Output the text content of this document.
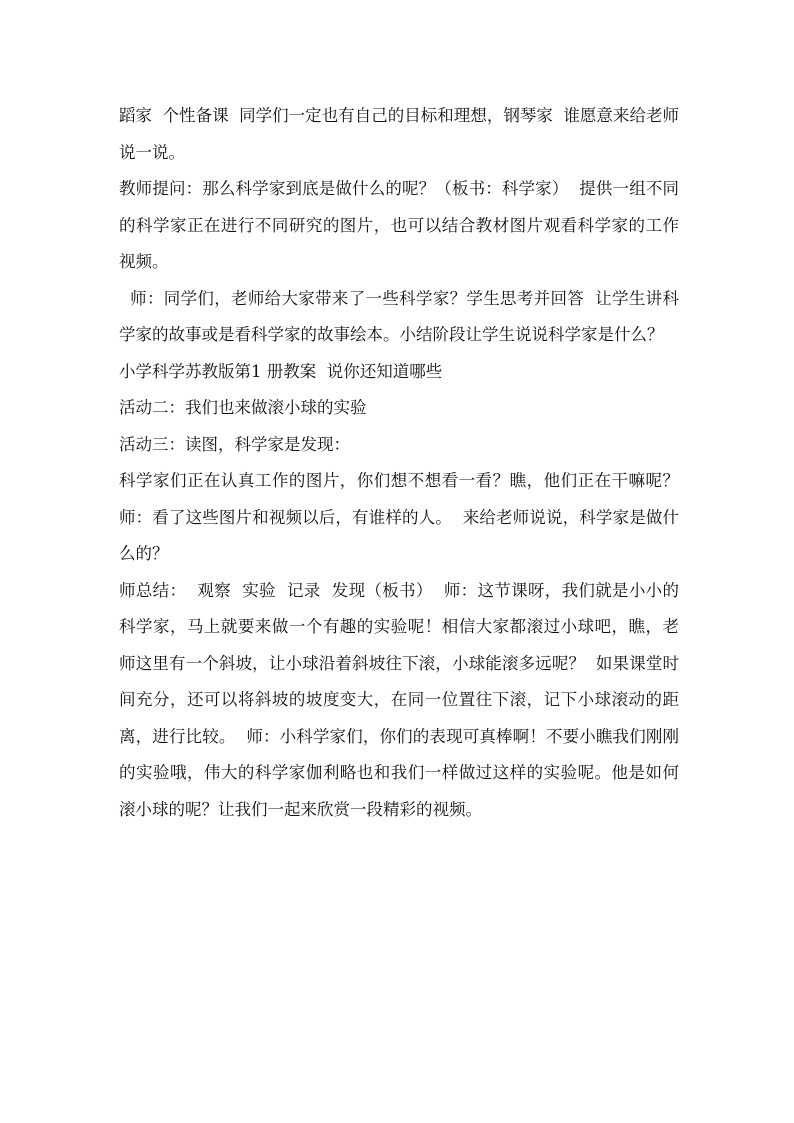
蹈家  个性备课  同学们一定也有自己的目标和理想，钢琴家  谁愿意来给老师说一说。

教师提问：那么科学家到底是做什么的呢？（板书：科学家）  提供一组不同的科学家正在进行不同研究的图片，也可以结合教材图片观看科学家的工作视频。

师：同学们，老师给大家带来了一些科学家？学生思考并回答  让学生讲科学家的故事或是看科学家的故事绘本。小结阶段让学生说说科学家是什么？

小学科学苏教版第1 册教案  说你还知道哪些

活动二：我们也来做滚小球的实验

活动三：读图，科学家是发现：

科学家们正在认真工作的图片，你们想不想看一看？瞧，他们正在干嘛呢？  师：看了这些图片和视频以后，有谁样的人。  来给老师说说，科学家是做什么的？

师总结：  观察  实验  记录  发现（板书）  师：这节课呀，我们就是小小的科学家，马上就要来做一个有趣的实验呢！相信大家都滚过小球吧，瞧，老师这里有一个斜坡，让小球沿着斜坡往下滚，小球能滚多远呢？  如果课堂时间充分，还可以将斜坡的坡度变大，在同一位置往下滚，记下小球滚动的距离，进行比较。  师：小科学家们，你们的表现可真棒啊！不要小瞧我们刚刚的实验哦，伟大的科学家伽利略也和我们一样做过这样的实验呢。他是如何滚小球的呢？让我们一起来欣赏一段精彩的视频。
